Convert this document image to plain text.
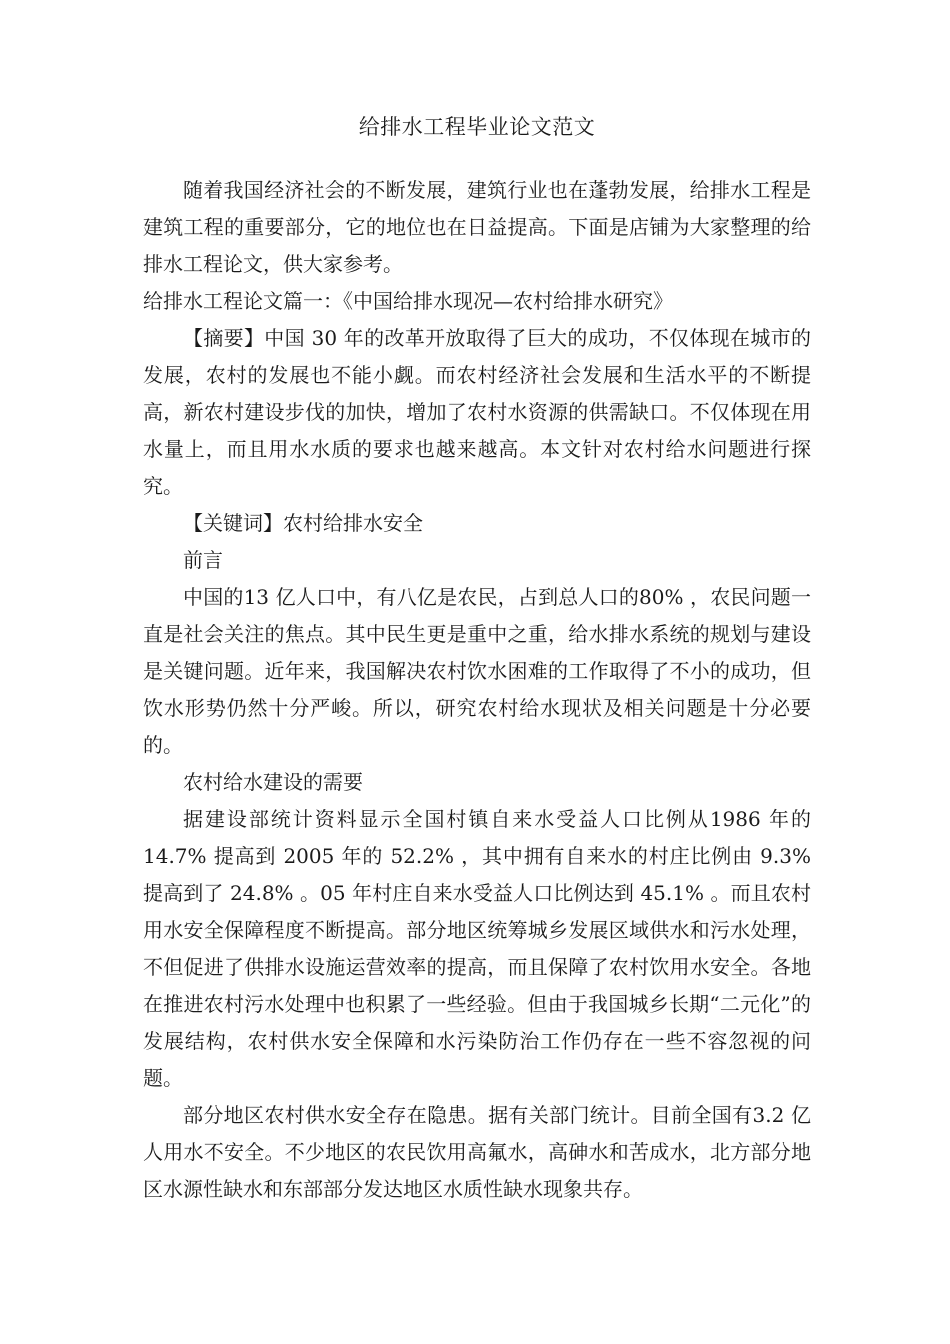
给排水工程毕业论文范文

随着我国经济社会的不断发展，建筑行业也在蓬勃发展，给排水工程是建筑工程的重要部分，它的地位也在日益提高。下面是店铺为大家整理的给排水工程论文，供大家参考。

给排水工程论文篇一：《中国给排水现况—农村给排水研究》

【摘要】中国 30 年的改革开放取得了巨大的成功，不仅体现在城市的发展，农村的发展也不能小觑。而农村经济社会发展和生活水平的不断提高，新农村建设步伐的加快，增加了农村水资源的供需缺口。不仅体现在用水量上，而且用水水质的要求也越来越高。本文针对农村给水问题进行探究。

【关键词】农村给排水安全

前言

中国的13 亿人口中，有八亿是农民，占到总人口的80% ，农民问题一直是社会关注的焦点。其中民生更是重中之重，给水排水系统的规划与建设是关键问题。近年来，我国解决农村饮水困难的工作取得了不小的成功，但饮水形势仍然十分严峻。所以，研究农村给水现状及相关问题是十分必要的。

农村给水建设的需要

据建设部统计资料显示全国村镇自来水受益人口比例从1986 年的14.7% 提高到 2005 年的 52.2% ，其中拥有自来水的村庄比例由 9.3% 提高到了 24.8% 。05 年村庄自来水受益人口比例达到 45.1% 。而且农村用水安全保障程度不断提高。部分地区统筹城乡发展区域供水和污水处理，不但促进了供排水设施运营效率的提高，而且保障了农村饮用水安全。各地在推进农村污水处理中也积累了一些经验。但由于我国城乡长期“二元化”的发展结构，农村供水安全保障和水污染防治工作仍存在一些不容忽视的问题。

部分地区农村供水安全存在隐患。据有关部门统计。目前全国有3.2 亿人用水不安全。不少地区的农民饮用高氟水，高砷水和苦成水，北方部分地区水源性缺水和东部部分发达地区水质性缺水现象共存。
